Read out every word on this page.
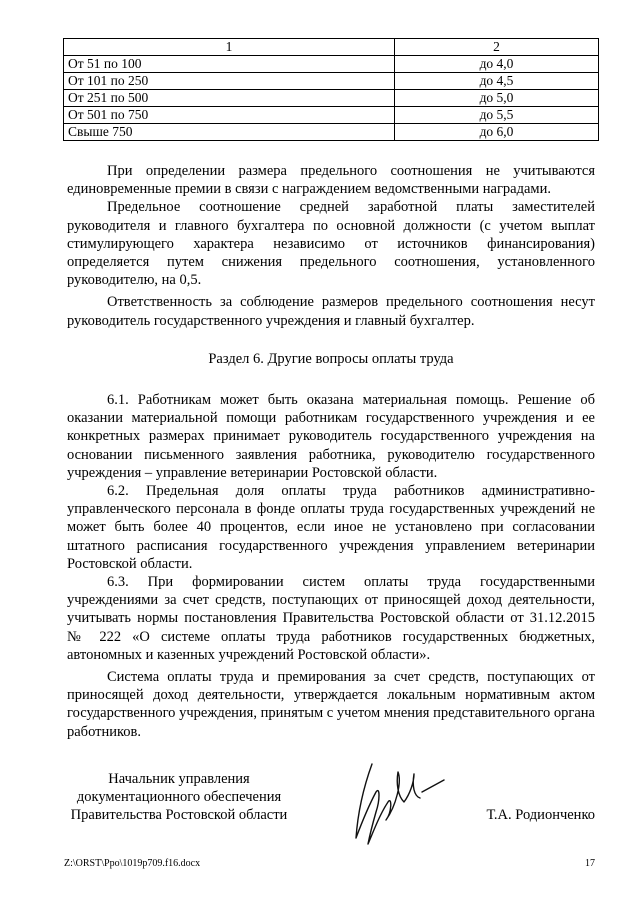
1	2
От 51 по 100	до 4,0
От 101 по 250	до 4,5
От 251 по 500	до 5,0
От 501 по 750	до 5,5
Свыше 750	до 6,0

При определении размера предельного соотношения не учитываются единовременные премии в связи с награждением ведомственными наградами.

Предельное соотношение средней заработной платы заместителей руководителя и главного бухгалтера по основной должности (с учетом выплат стимулирующего характера независимо от источников финансирования) определяется путем снижения предельного соотношения, установленного руководителю, на 0,5.

Ответственность за соблюдение размеров предельного соотношения несут руководитель государственного учреждения и главный бухгалтер.

Раздел 6. Другие вопросы оплаты труда

6.1. Работникам может быть оказана материальная помощь. Решение об оказании материальной помощи работникам государственного учреждения и ее конкретных размерах принимает руководитель государственного учреждения на основании письменного заявления работника, руководителю государственного учреждения – управление ветеринарии Ростовской области.

6.2. Предельная доля оплаты труда работников административно-управленческого персонала в фонде оплаты труда государственных учреждений не может быть более 40 процентов, если иное не установлено при согласовании штатного расписания государственного учреждения управлением ветеринарии Ростовской области.

6.3. При формировании систем оплаты труда государственными учреждениями за счет средств, поступающих от приносящей доход деятельности, учитывать нормы постановления Правительства Ростовской области от 31.12.2015 № 222 «О системе оплаты труда работников государственных бюджетных, автономных и казенных учреждений Ростовской области».

Система оплаты труда и премирования за счет средств, поступающих от приносящей доход деятельности, утверждается локальным нормативным актом государственного учреждения, принятым с учетом мнения представительного органа работников.

Начальник управления
документационного обеспечения
Правительства Ростовской области	Т.А. Родионченко
Z:\ORST\Ppo\1019p709.f16.docx	17
